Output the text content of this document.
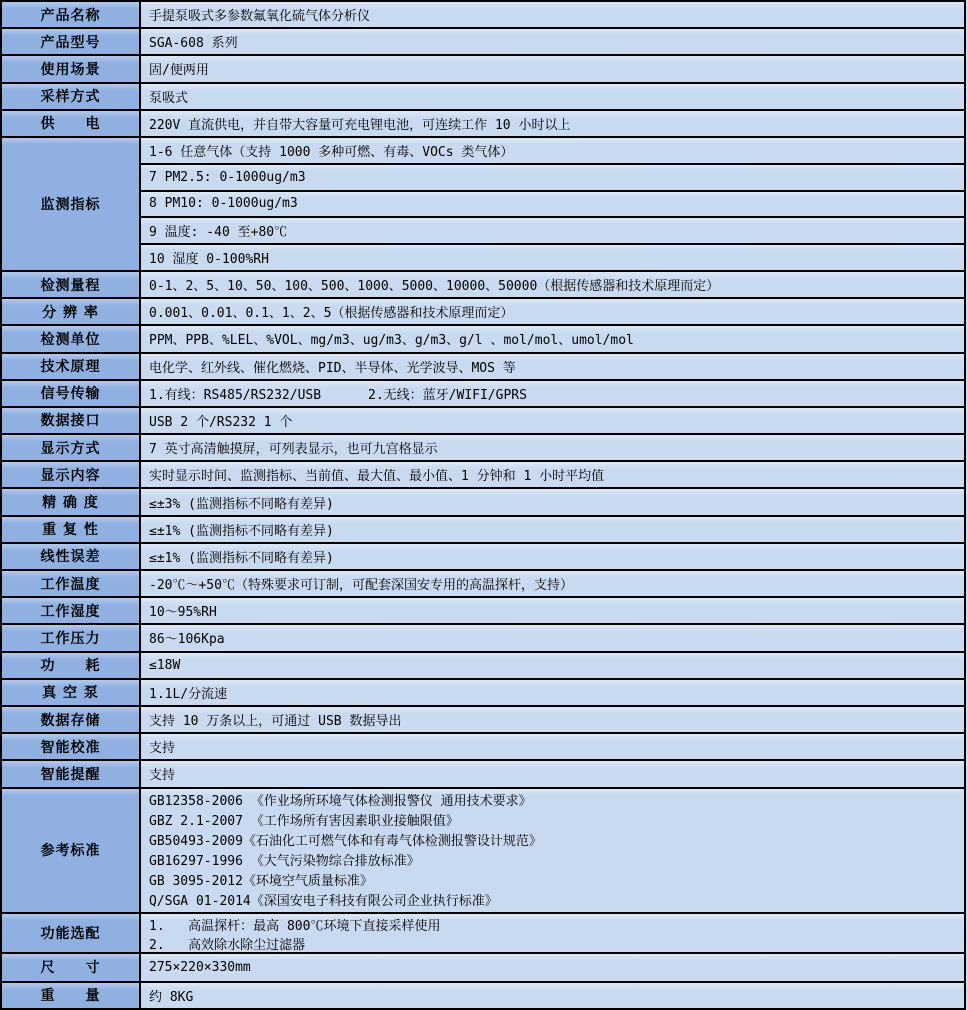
产品名称	手提泵吸式多参数氟氧化硫气体分析仪
产品型号	SGA-608 系列
使用场景	固/便两用
采样方式	泵吸式
供　　电	220V 直流供电，并自带大容量可充电锂电池，可连续工作 10 小时以上
监测指标
1-6 任意气体（支持 1000 多种可燃、有毒、VOCs 类气体）
7 PM2.5: 0-1000ug/m3
8 PM10: 0-1000ug/m3
9 温度: -40 至+80℃
10 湿度 0-100%RH
检测量程	0-1、2、5、10、50、100、500、1000、5000、10000、50000（根据传感器和技术原理而定）
分 辨 率	0.001、0.01、0.1、1、2、5（根据传感器和技术原理而定）
检测单位	PPM、PPB、%LEL、%VOL、mg/m3、ug/m3、g/m3、g/l 、mol/mol、umol/mol
技术原理	电化学、红外线、催化燃烧、PID、半导体、光学波导、MOS 等
信号传输	1.有线：RS485/RS232/USB      2.无线：蓝牙/WIFI/GPRS
数据接口	USB 2 个/RS232 1 个
显示方式	7 英寸高清触摸屏，可列表显示，也可九宫格显示
显示内容	实时显示时间、监测指标、当前值、最大值、最小值、1 分钟和 1 小时平均值
精 确 度	≤±3% (监测指标不同略有差异)
重 复 性	≤±1% (监测指标不同略有差异)
线性误差	≤±1% (监测指标不同略有差异)
工作温度	-20℃～+50℃（特殊要求可订制，可配套深国安专用的高温探杆，支持）
工作湿度	10～95%RH
工作压力	86～106Kpa
功　　耗	≤18W
真 空 泵	1.1L/分流速
数据存储	支持 10 万条以上，可通过 USB 数据导出
智能校准	支持
智能提醒	支持
参考标准
GB12358-2006 《作业场所环境气体检测报警仪 通用技术要求》
GBZ 2.1-2007 《工作场所有害因素职业接触限值》
GB50493-2009《石油化工可燃气体和有毒气体检测报警设计规范》
GB16297-1996 《大气污染物综合排放标准》
GB 3095-2012《环境空气质量标准》
Q/SGA 01-2014《深国安电子科技有限公司企业执行标准》
功能选配	1.   高温探杆：最高 800℃环境下直接采样使用
2.   高效除水除尘过滤器
尺　　寸	275×220×330mm
重　　量	约 8KG
